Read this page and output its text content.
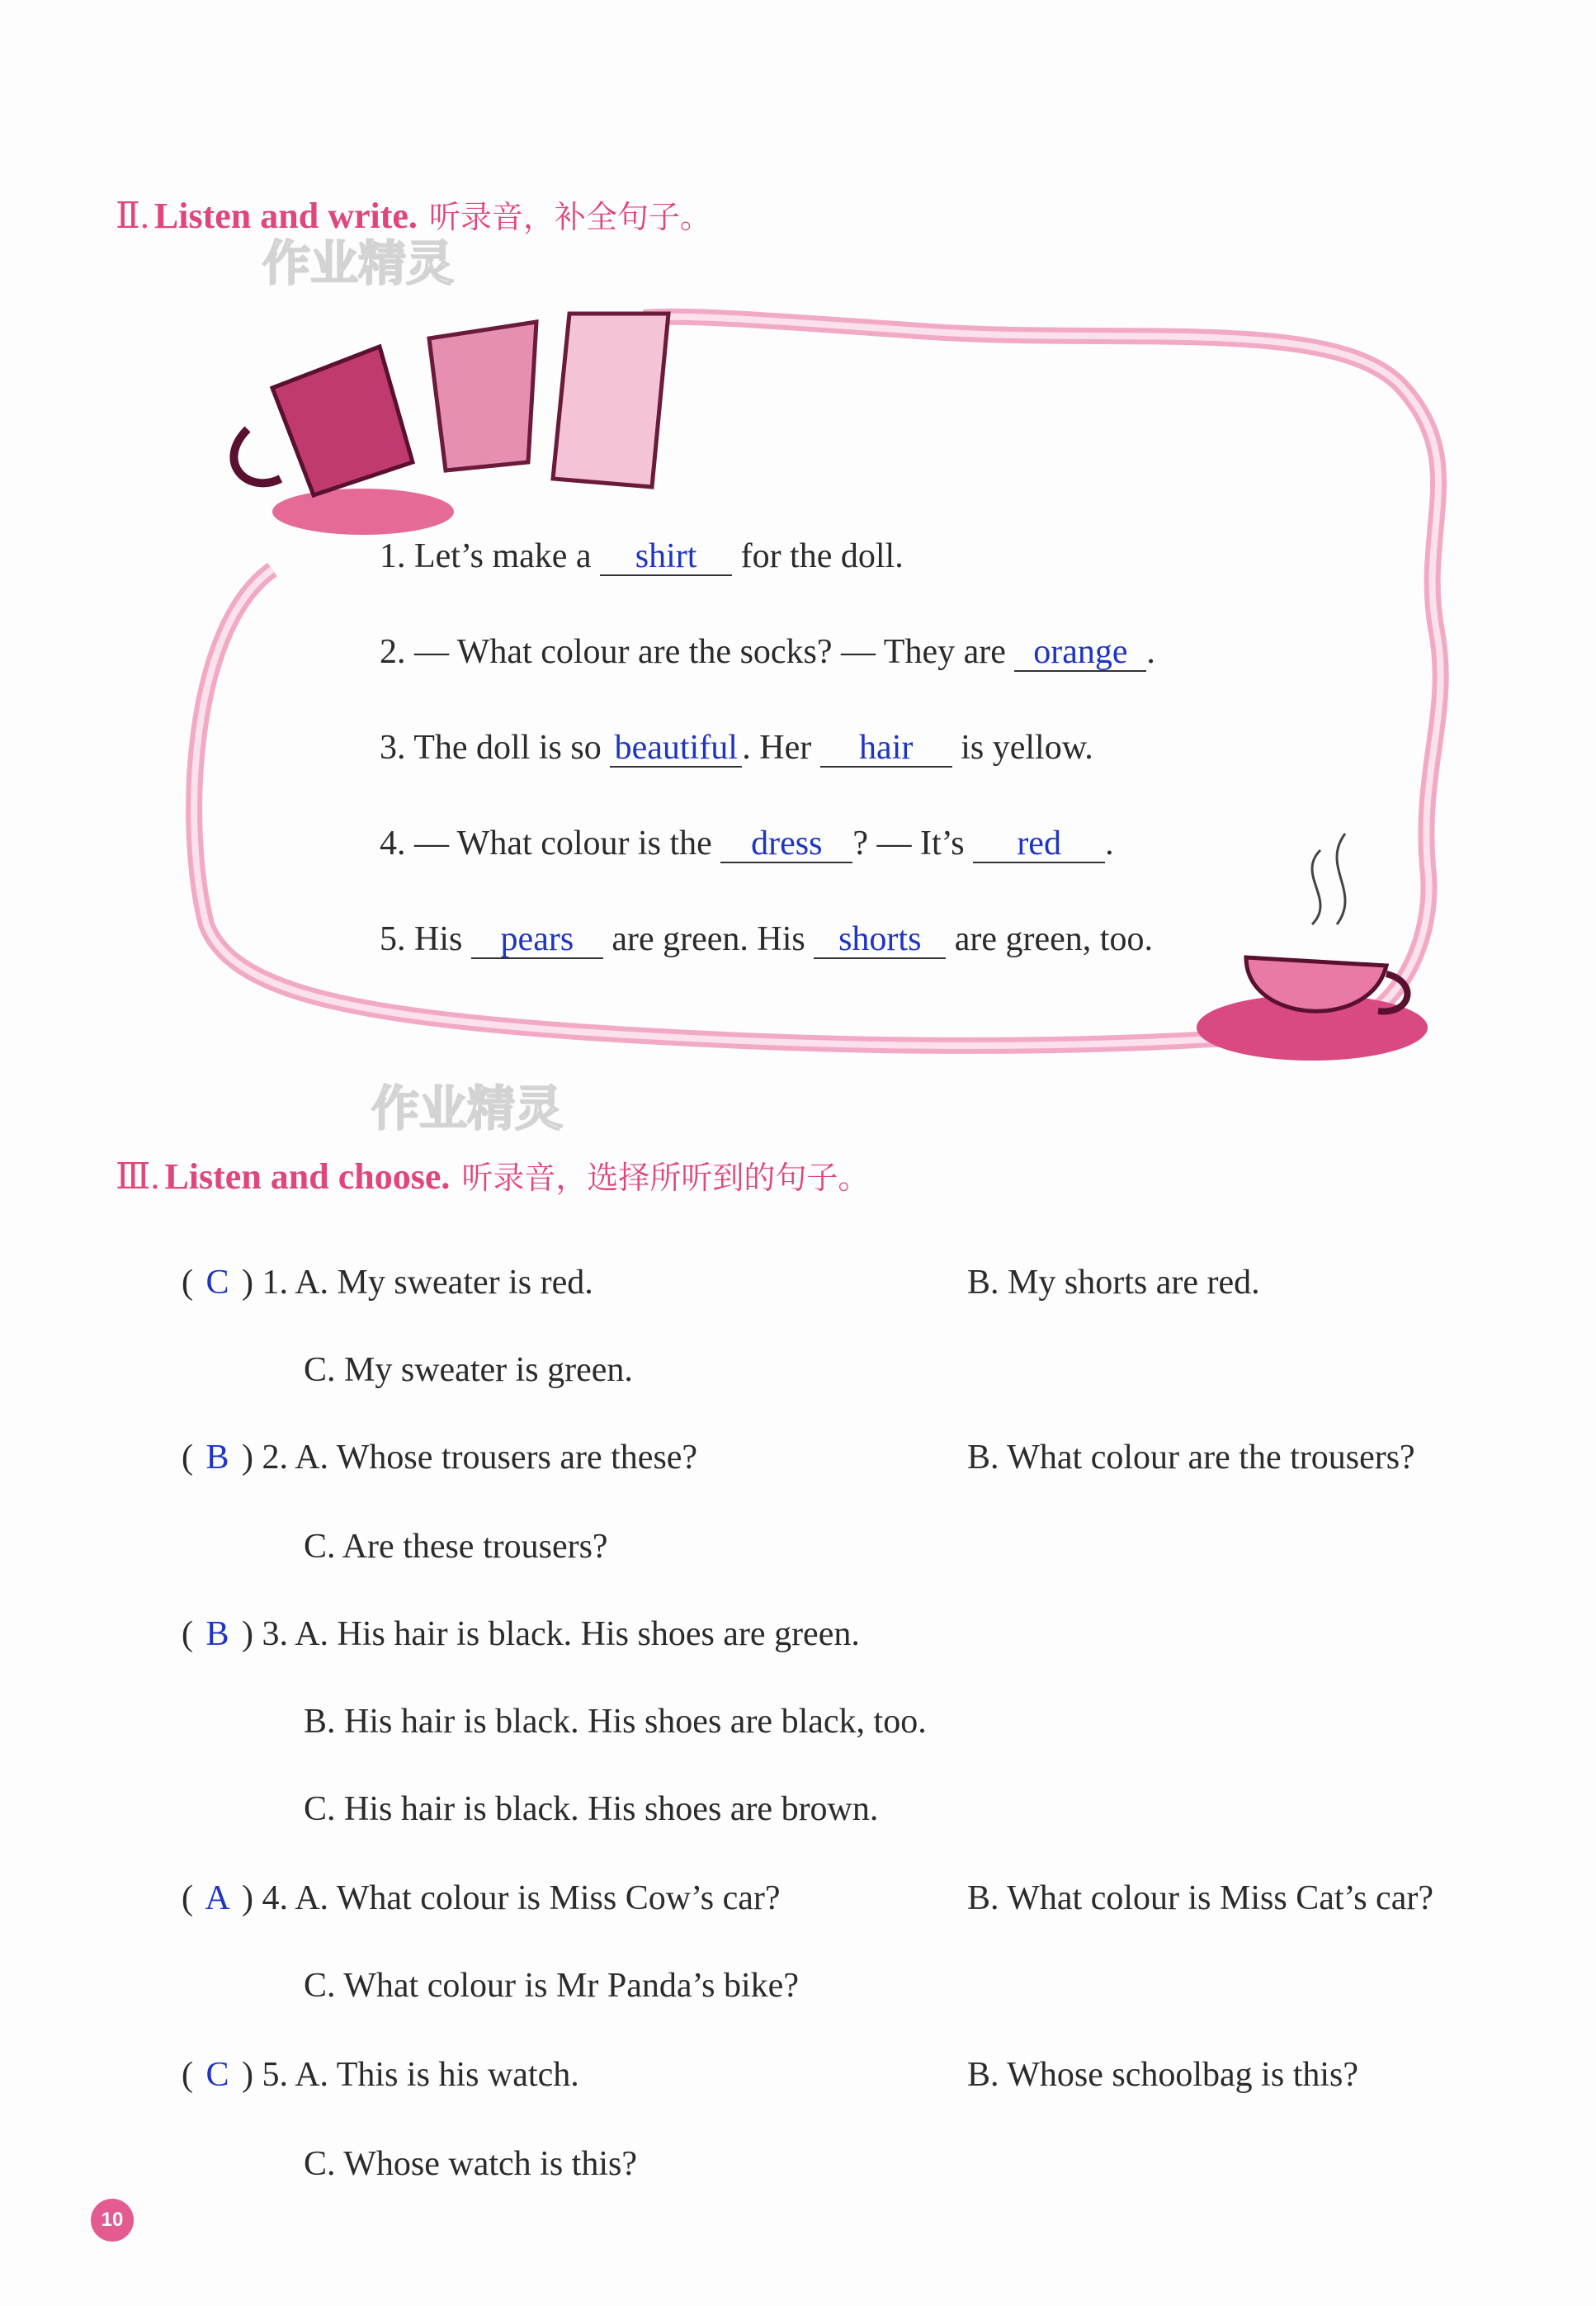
Ⅱ. Listen and write. 听录音，补全句子。
作业精灵
1. Let’s make a shirt for the doll.
2. — What colour are the socks? — They are orange .
3. The doll is so beautiful . Her hair is yellow.
4. — What colour is the dress ? — It’s red .
5. His pears are green. His shorts are green, too.
作业精灵
Ⅲ. Listen and choose. 听录音，选择所听到的句子。
( C ) 1. A. My sweater is red.	B. My shorts are red.
C. My sweater is green.
( B ) 2. A. Whose trousers are these?	B. What colour are the trousers?
C. Are these trousers?
( B ) 3. A. His hair is black. His shoes are green.
B. His hair is black. His shoes are black, too.
C. His hair is black. His shoes are brown.
( A ) 4. A. What colour is Miss Cow’s car?	B. What colour is Miss Cat’s car?
C. What colour is Mr Panda’s bike?
( C ) 5. A. This is his watch.	B. Whose schoolbag is this?
C. Whose watch is this?
10
